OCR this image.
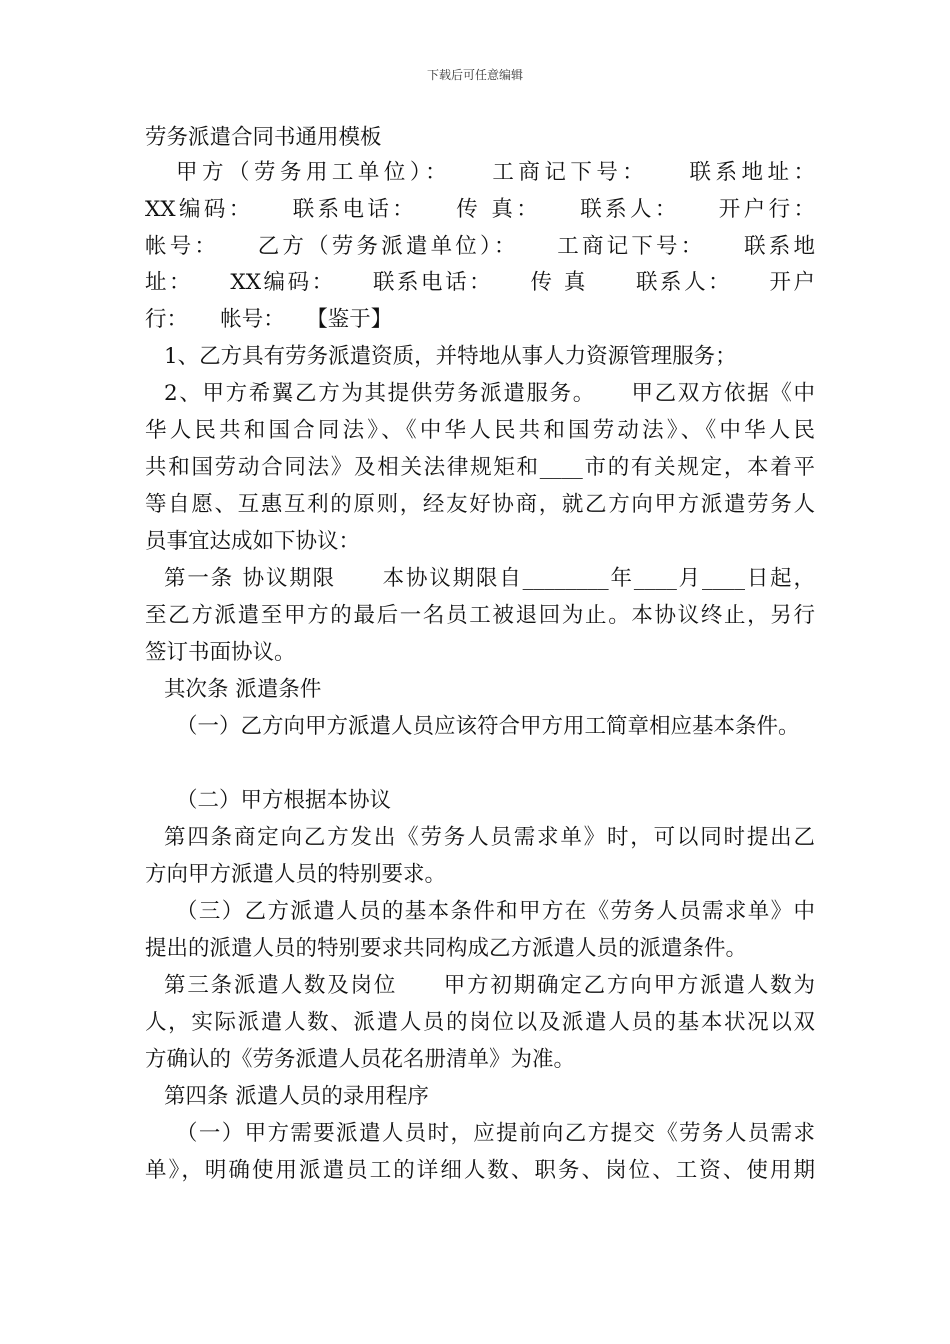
下载后可任意编辑
劳务派遣合同书通用模板
甲方（劳务用工单位）：　　工商记下号：　　联系地址：
XX编码：　　联系电话：　　传 真：　　联系人：　　开户行：
帐号：　　乙方（劳务派遣单位）：　　工商记下号：　　联系地
址：　　XX编码：　　联系电话：　　传 真　　联系人：　　开户
行：　　帐号：　　【鉴于】
1、乙方具有劳务派遣资质，并特地从事人力资源管理服务；
2、甲方希翼乙方为其提供劳务派遣服务。　　甲乙双方依据《中
华人民共和国合同法》、《中华人民共和国劳动法》、《中华人民
共和国劳动合同法》及相关法律规矩和____市的有关规定，本着平
等自愿、互惠互利的原则，经友好协商，就乙方向甲方派遣劳务人
员事宜达成如下协议：
第一条 协议期限　　本协议期限自________年____月____日起，
至乙方派遣至甲方的最后一名员工被退回为止。本协议终止，另行
签订书面协议。
其次条 派遣条件
（一）乙方向甲方派遣人员应该符合甲方用工简章相应基本条件。
（二）甲方根据本协议
第四条商定向乙方发出《劳务人员需求单》时，可以同时提出乙
方向甲方派遣人员的特别要求。
（三）乙方派遣人员的基本条件和甲方在《劳务人员需求单》中
提出的派遣人员的特别要求共同构成乙方派遣人员的派遣条件。
第三条派遣人数及岗位　　甲方初期确定乙方向甲方派遣人数为
人，实际派遣人数、派遣人员的岗位以及派遣人员的基本状况以双
方确认的《劳务派遣人员花名册清单》为准。
第四条 派遣人员的录用程序
（一）甲方需要派遣人员时，应提前向乙方提交《劳务人员需求
单》，明确使用派遣员工的详细人数、职务、岗位、工资、使用期
